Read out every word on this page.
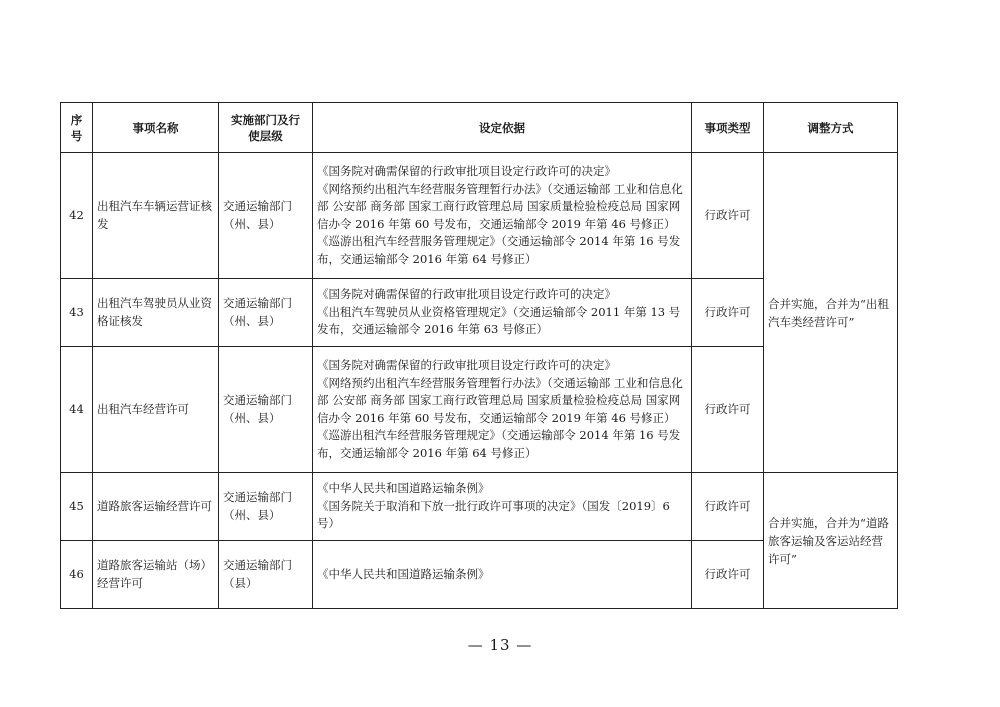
序号	事项名称	实施部门及行使层级	设定依据	事项类型	调整方式
42	出租汽车车辆运营证核发	交通运输部门（州、县）	《国务院对确需保留的行政审批项目设定行政许可的决定》
《网络预约出租汽车经营服务管理暂行办法》（交通运输部 工业和信息化部 公安部 商务部 国家工商行政管理总局 国家质量检验检疫总局 国家网信办令 2016 年第 60 号发布，交通运输部令 2019 年第 46 号修正）
《巡游出租汽车经营服务管理规定》（交通运输部令 2014 年第 16 号发布，交通运输部令 2016 年第 64 号修正）	行政许可	合并实施，合并为“出租汽车类经营许可”
43	出租汽车驾驶员从业资格证核发	交通运输部门（州、县）	《国务院对确需保留的行政审批项目设定行政许可的决定》
《出租汽车驾驶员从业资格管理规定》（交通运输部令 2011 年第 13 号发布，交通运输部令 2016 年第 63 号修正）	行政许可	
44	出租汽车经营许可	交通运输部门（州、县）	《国务院对确需保留的行政审批项目设定行政许可的决定》
《网络预约出租汽车经营服务管理暂行办法》（交通运输部 工业和信息化部 公安部 商务部 国家工商行政管理总局 国家质量检验检疫总局 国家网信办令 2016 年第 60 号发布，交通运输部令 2019 年第 46 号修正）
《巡游出租汽车经营服务管理规定》（交通运输部令 2014 年第 16 号发布，交通运输部令 2016 年第 64 号修正）	行政许可	
45	道路旅客运输经营许可	交通运输部门（州、县）	《中华人民共和国道路运输条例》
《国务院关于取消和下放一批行政许可事项的决定》（国发〔2019〕6 号）	行政许可	合并实施，合并为“道路旅客运输及客运站经营许可”
46	道路旅客运输站（场）经营许可	交通运输部门（县）	《中华人民共和国道路运输条例》	行政许可	
— 13 —
